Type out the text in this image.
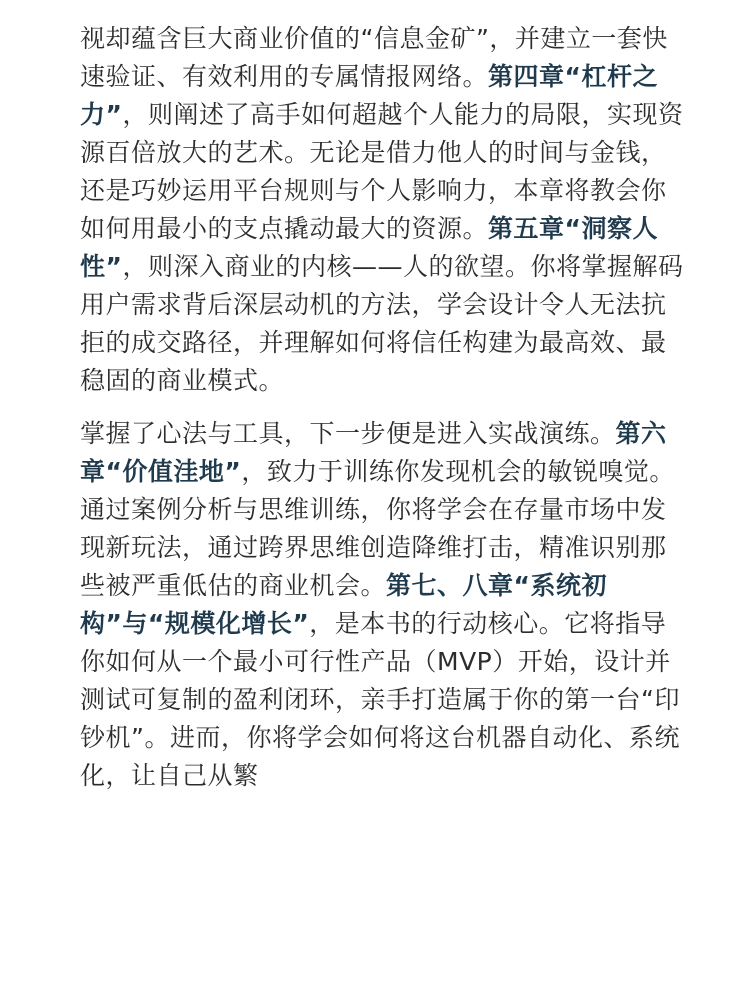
视却蕴含巨大商业价值的“信息金矿”，并建立一套快速验证、有效利用的专属情报网络。第四章“杠杆之力”，则阐述了高手如何超越个人能力的局限，实现资源百倍放大的艺术。无论是借力他人的时间与金钱，还是巧妙运用平台规则与个人影响力，本章将教会你如何用最小的支点撬动最大的资源。第五章“洞察人性”，则深入商业的内核——人的欲望。你将掌握解码用户需求背后深层动机的方法，学会设计令人无法抗拒的成交路径，并理解如何将信任构建为最高效、最稳固的商业模式。

掌握了心法与工具，下一步便是进入实战演练。第六章“价值洼地”，致力于训练你发现机会的敏锐嗅觉。通过案例分析与思维训练，你将学会在存量市场中发现新玩法，通过跨界思维创造降维打击，精准识别那些被严重低估的商业机会。第七、八章“系统初构”与“规模化增长”，是本书的行动核心。它将指导你如何从一个最小可行性产品（MVP）开始，设计并测试可复制的盈利闭环，亲手打造属于你的第一台“印钞机”。进而，你将学会如何将这台机器自动化、系统化，让自己从繁
